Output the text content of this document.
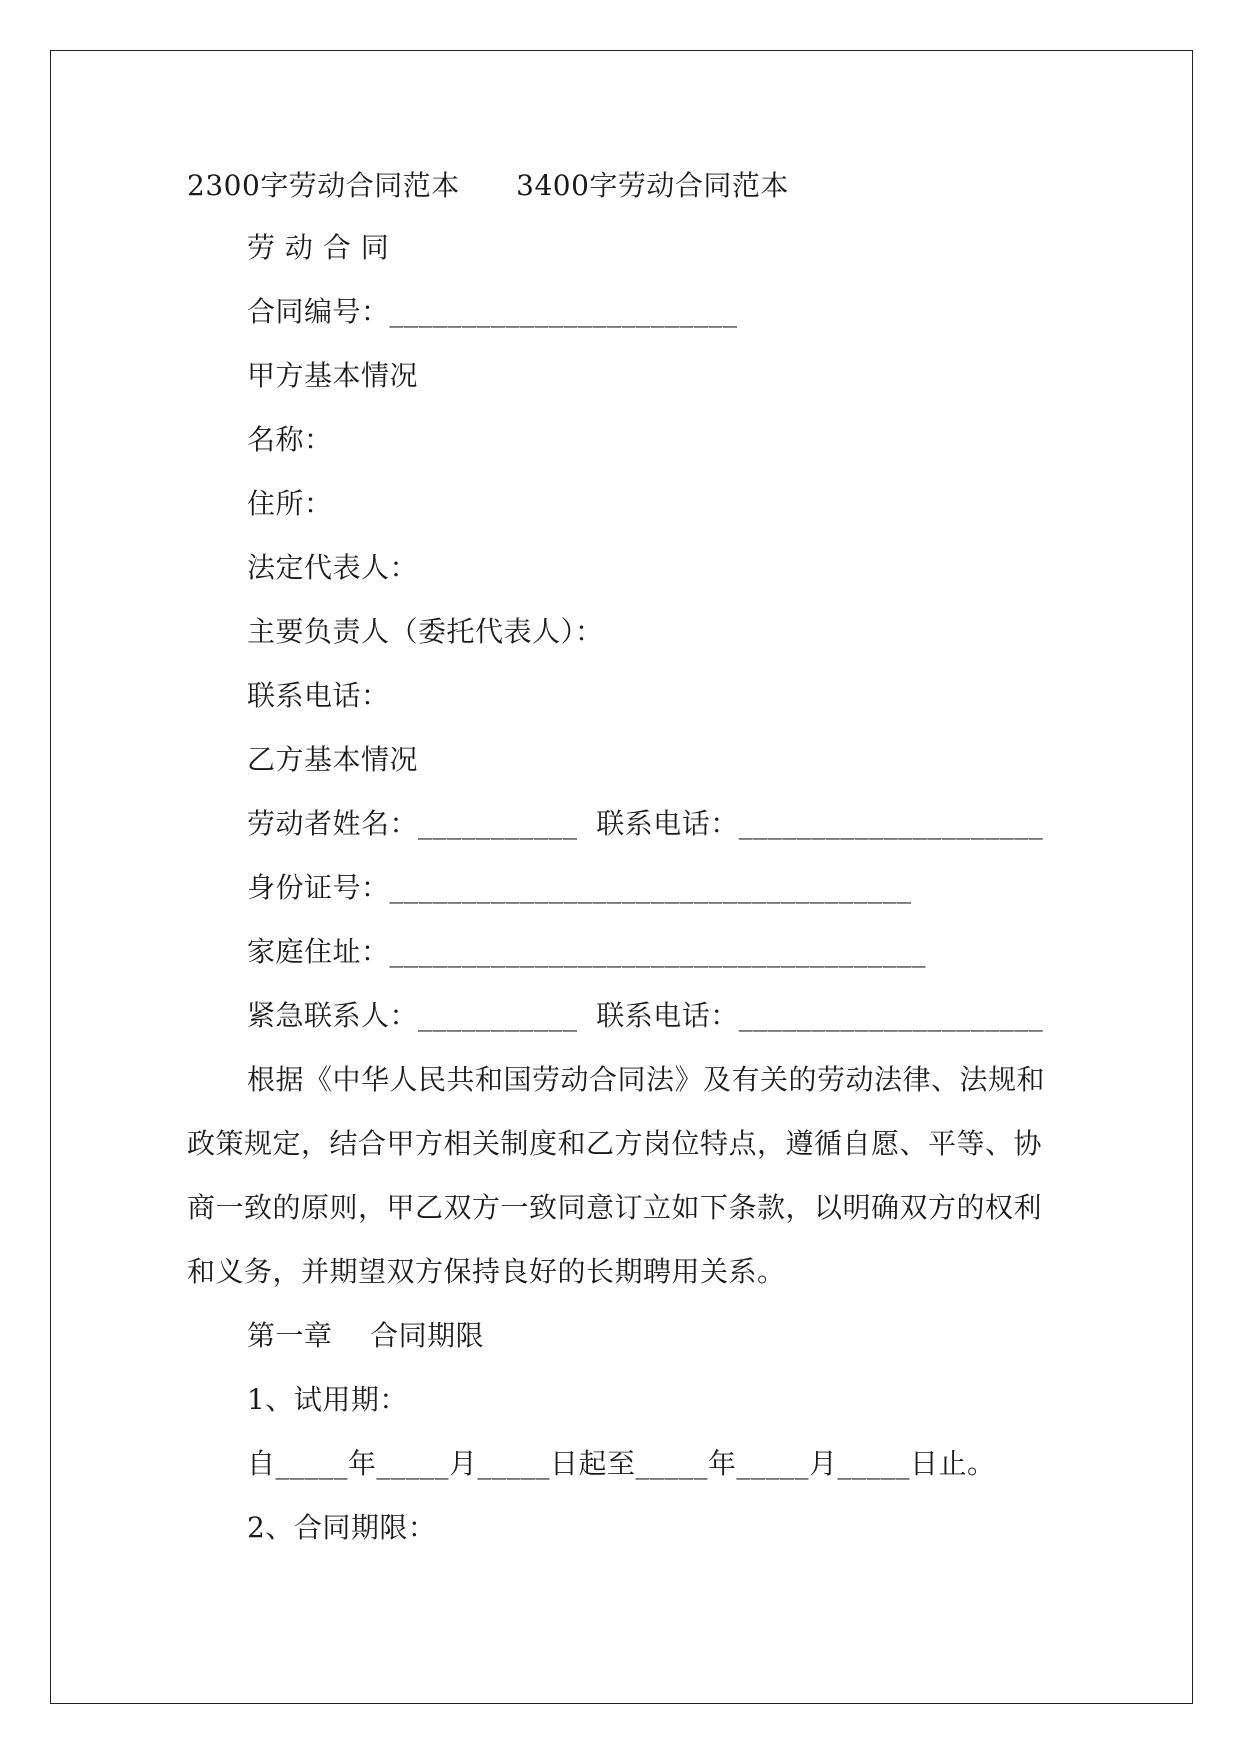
2300字劳动合同范本      3400字劳动合同范本
劳 动 合 同
合同编号：________________________
甲方基本情况
名称：
住所：
法定代表人：
主要负责人（委托代表人）：
联系电话：
乙方基本情况
劳动者姓名：___________  联系电话：_____________________
身份证号：____________________________________
家庭住址：_____________________________________
紧急联系人：___________  联系电话：_____________________
根据《中华人民共和国劳动合同法》及有关的劳动法律、法规和
政策规定，结合甲方相关制度和乙方岗位特点，遵循自愿、平等、协
商一致的原则，甲乙双方一致同意订立如下条款，以明确双方的权利
和义务，并期望双方保持良好的长期聘用关系。
第一章    合同期限
1、试用期：
自_____年_____月_____日起至_____年_____月_____日止。
2、合同期限：
